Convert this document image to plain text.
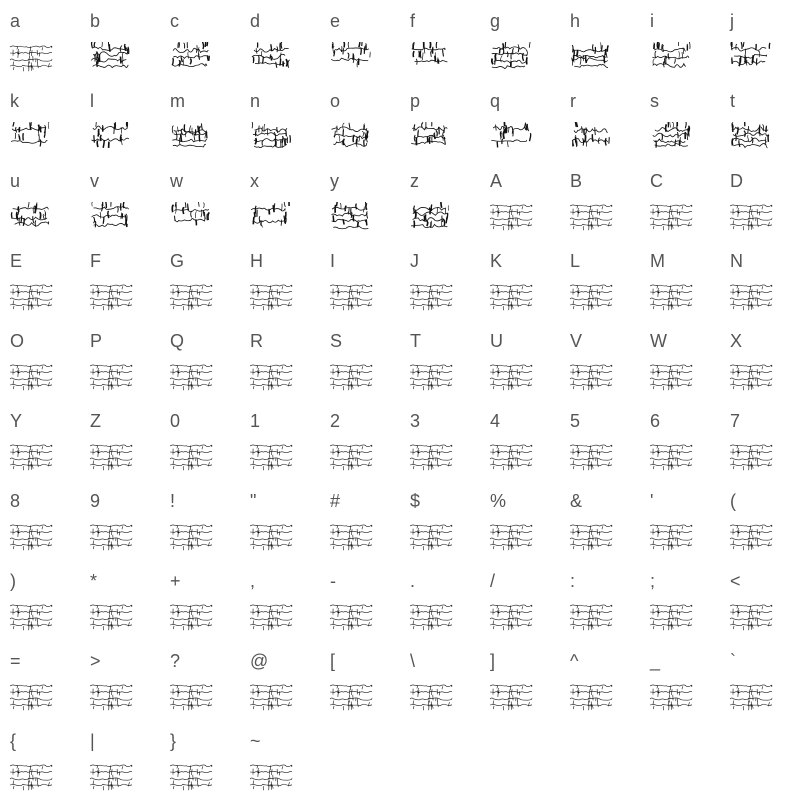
a	b	c	d	e	f	g	h	i	j
k	l	m	n	o	p	q	r	s	t
u	v	w	x	y	z	A	B	C	D
E	F	G	H	I	J	K	L	M	N
O	P	Q	R	S	T	U	V	W	X
Y	Z	0	1	2	3	4	5	6	7
8	9	!	"	#	$	%	&	'	(
)	*	+	,	-	.	/	:	;	<
=	>	?	@	[	\	]	^	_	`
{	|	}	~
